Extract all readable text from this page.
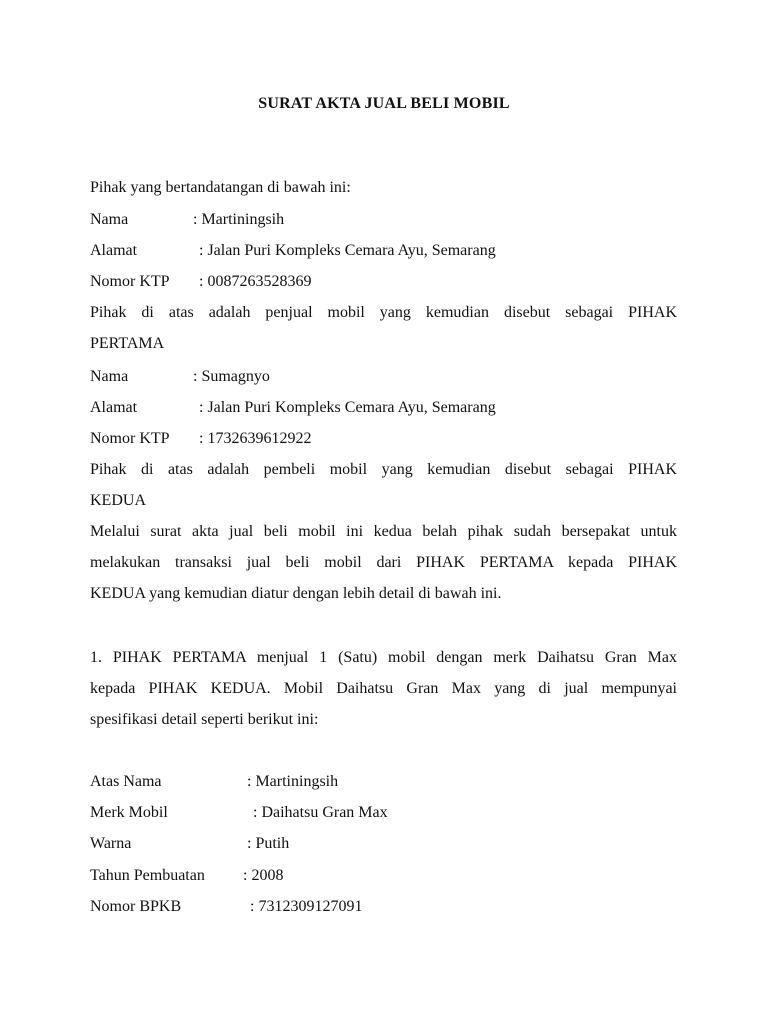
SURAT AKTA JUAL BELI MOBIL
Pihak yang bertandatangan di bawah ini:
Nama	: Martiningsih
Alamat	: Jalan Puri Kompleks Cemara Ayu, Semarang
Nomor KTP : 0087263528369
Pihak di atas adalah penjual mobil yang kemudian disebut sebagai PIHAK
PERTAMA
Nama	: Sumagnyo
Alamat	: Jalan Puri Kompleks Cemara Ayu, Semarang
Nomor KTP : 1732639612922
Pihak di atas adalah pembeli mobil yang kemudian disebut sebagai PIHAK
KEDUA
Melalui surat akta jual beli mobil ini kedua belah pihak sudah bersepakat untuk
melakukan transaksi jual beli mobil dari PIHAK PERTAMA kepada PIHAK
KEDUA yang kemudian diatur dengan lebih detail di bawah ini.
1. PIHAK PERTAMA menjual 1 (Satu) mobil dengan merk Daihatsu Gran Max
kepada PIHAK KEDUA. Mobil Daihatsu Gran Max yang di jual mempunyai
spesifikasi detail seperti berikut ini:
Atas Nama	: Martiningsih
Merk Mobil	: Daihatsu Gran Max
Warna	: Putih
Tahun Pembuatan : 2008
Nomor BPKB	: 7312309127091
